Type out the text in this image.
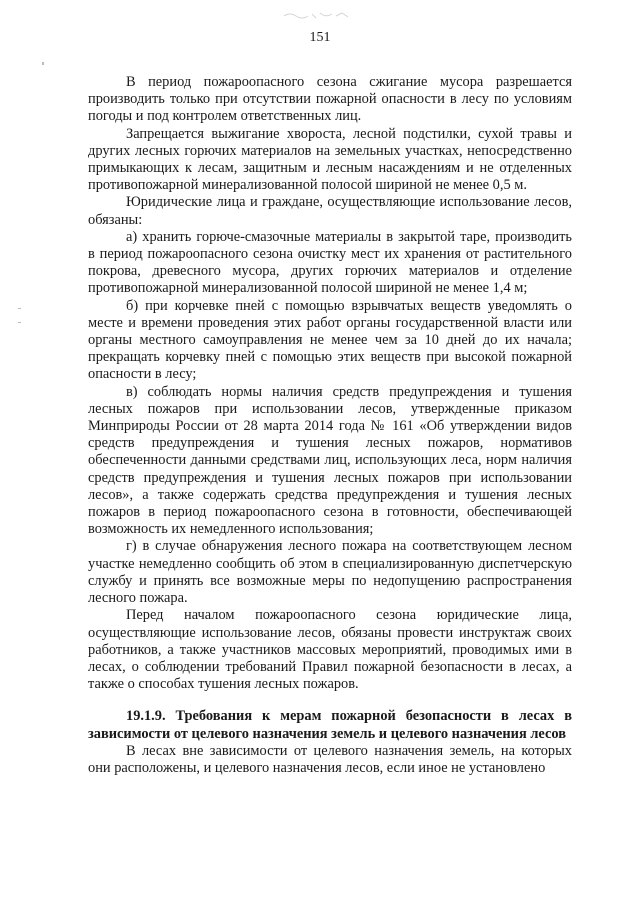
151

В период пожароопасного сезона сжигание мусора разрешается производить только при отсутствии пожарной опасности в лесу по условиям погоды и под контролем ответственных лиц.

Запрещается выжигание хвороста, лесной подстилки, сухой травы и других лесных горючих материалов на земельных участках, непосредственно примыкающих к лесам, защитным и лесным насаждениям и не отделенных противопожарной минерализованной полосой шириной не менее 0,5 м.

Юридические лица и граждане, осуществляющие использование лесов, обязаны:

а) хранить горюче-смазочные материалы в закрытой таре, производить в период пожароопасного сезона очистку мест их хранения от растительного покрова, древесного мусора, других горючих материалов и отделение противопожарной минерализованной полосой шириной не менее 1,4 м;

б) при корчевке пней с помощью взрывчатых веществ уведомлять о месте и времени проведения этих работ органы государственной власти или органы местного самоуправления не менее чем за 10 дней до их начала; прекращать корчевку пней с помощью этих веществ при высокой пожарной опасности в лесу;

в) соблюдать нормы наличия средств предупреждения и тушения лесных пожаров при использовании лесов, утвержденные приказом Минприроды России от 28 марта 2014 года № 161 «Об утверждении видов средств предупреждения и тушения лесных пожаров, нормативов обеспеченности данными средствами лиц, использующих леса, норм наличия средств предупреждения и тушения лесных пожаров при использовании лесов», а также содержать средства предупреждения и тушения лесных пожаров в период пожароопасного сезона в готовности, обеспечивающей возможность их немедленного использования;

г) в случае обнаружения лесного пожара на соответствующем лесном участке немедленно сообщить об этом в специализированную диспетчерскую службу и принять все возможные меры по недопущению распространения лесного пожара.

Перед началом пожароопасного сезона юридические лица, осуществляющие использование лесов, обязаны провести инструктаж своих работников, а также участников массовых мероприятий, проводимых ими в лесах, о соблюдении требований Правил пожарной безопасности в лесах, а также о способах тушения лесных пожаров.

19.1.9. Требования к мерам пожарной безопасности в лесах в зависимости от целевого назначения земель и целевого назначения лесов

В лесах вне зависимости от целевого назначения земель, на которых они расположены, и целевого назначения лесов, если иное не установлено
